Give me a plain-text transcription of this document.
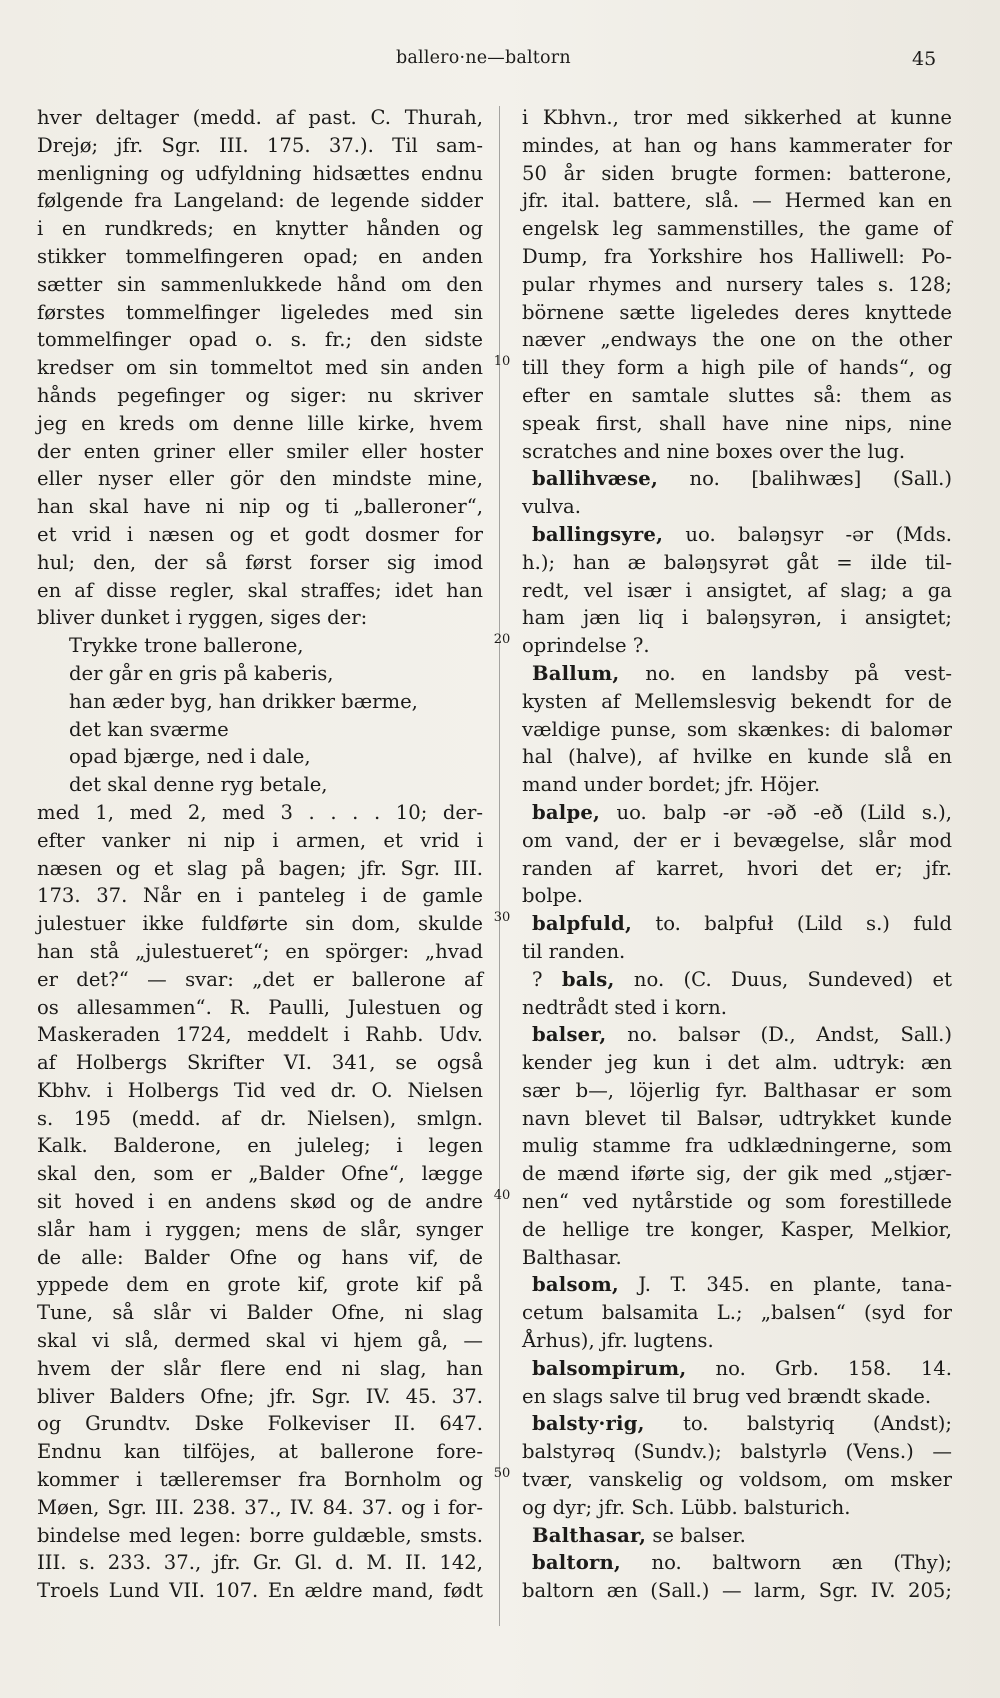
ballero·ne—baltorn	45
hver deltager (medd. af past. C. Thurah,
Drejø; jfr. Sgr. III. 175. 37.). Til sam-
menligning og udfyldning hidsættes endnu
følgende fra Langeland: de legende sidder
i en rundkreds; en knytter hånden og
stikker tommelfingeren opad; en anden
sætter sin sammenlukkede hånd om den
førstes tommelfinger ligeledes med sin
tommelfinger opad o. s. fr.; den sidste
kredser om sin tommeltot med sin anden
hånds pegefinger og siger: nu skriver
jeg en kreds om denne lille kirke, hvem
der enten griner eller smiler eller hoster
eller nyser eller gör den mindste mine,
han skal have ni nip og ti „balleroner“,
et vrid i næsen og et godt dosmer for
hul; den, der så først forser sig imod
en af disse regler, skal straffes; idet han
bliver dunket i ryggen, siges der:
Trykke trone ballerone,
der går en gris på kaberis,
han æder byg, han drikker bærme,
det kan sværme
opad bjærge, ned i dale,
det skal denne ryg betale,
med 1, med 2, med 3 . . . . 10; der-
efter vanker ni nip i armen, et vrid i
næsen og et slag på bagen; jfr. Sgr. III.
173. 37. Når en i panteleg i de gamle
julestuer ikke fuldførte sin dom, skulde
han stå „julestueret“; en spörger: „hvad
er det?“ — svar: „det er ballerone af
os allesammen“. R. Paulli, Julestuen og
Maskeraden 1724, meddelt i Rahb. Udv.
af Holbergs Skrifter VI. 341, se også
Kbhv. i Holbergs Tid ved dr. O. Nielsen
s. 195 (medd. af dr. Nielsen), smlgn.
Kalk. Balderone, en juleleg; i legen
skal den, som er „Balder Ofne“, lægge
sit hoved i en andens skød og de andre
slår ham i ryggen; mens de slår, synger
de alle: Balder Ofne og hans vif, de
yppede dem en grote kif, grote kif på
Tune, så slår vi Balder Ofne, ni slag
skal vi slå, dermed skal vi hjem gå, —
hvem der slår flere end ni slag, han
bliver Balders Ofne; jfr. Sgr. IV. 45. 37.
og Grundtv. Dske Folkeviser II. 647.
Endnu kan tilföjes, at ballerone fore-
kommer i tælleremser fra Bornholm og
Møen, Sgr. III. 238. 37., IV. 84. 37. og i for-
bindelse med legen: borre guldæble, smsts.
III. s. 233. 37., jfr. Gr. Gl. d. M. II. 142,
Troels Lund VII. 107. En ældre mand, født
10
20
30
40
50
i Kbhvn., tror med sikkerhed at kunne
mindes, at han og hans kammerater for
50 år siden brugte formen: batterone,
jfr. ital. battere, slå. — Hermed kan en
engelsk leg sammenstilles, the game of
Dump, fra Yorkshire hos Halliwell: Po-
pular rhymes and nursery tales s. 128;
börnene sætte ligeledes deres knyttede
næver „endways the one on the other
till they form a high pile of hands“, og
efter en samtale sluttes så: them as
speak first, shall have nine nips, nine
scratches and nine boxes over the lug.
ballihvæse, no. [balihwæs] (Sall.)
vulva.
ballingsyre, uo. baləŋsyr -ər (Mds.
h.); han æ baləŋsyrət gåt = ilde til-
redt, vel især i ansigtet, af slag; a ga
ham jæn liq i baləŋsyrən, i ansigtet;
oprindelse ?.
Ballum, no. en landsby på vest-
kysten af Mellemslesvig bekendt for de
vældige punse, som skænkes: di balomər
hal (halve), af hvilke en kunde slå en
mand under bordet; jfr. Höjer.
balpe, uo. balp -ər -əð -eð (Lild s.),
om vand, der er i bevægelse, slår mod
randen af karret, hvori det er; jfr.
bolpe.
balpfuld, to. balpfuł (Lild s.) fuld
til randen.
? bals, no. (C. Duus, Sundeved) et
nedtrådt sted i korn.
balser, no. balsər (D., Andst, Sall.)
kender jeg kun i det alm. udtryk: æn
sær b—, löjerlig fyr. Balthasar er som
navn blevet til Balsər, udtrykket kunde
mulig stamme fra udklædningerne, som
de mænd iførte sig, der gik med „stjær-
nen“ ved nytårstide og som forestillede
de hellige tre konger, Kasper, Melkior,
Balthasar.
balsom, J. T. 345. en plante, tana-
cetum balsamita L.; „balsen“ (syd for
Århus), jfr. lugtens.
balsompirum, no. Grb. 158. 14.
en slags salve til brug ved brændt skade.
balsty·rig, to. balstyriq (Andst);
balstyrəq (Sundv.); balstyrlə (Vens.) —
tvær, vanskelig og voldsom, om msker
og dyr; jfr. Sch. Lübb. balsturich.
Balthasar, se balser.
baltorn, no. baltworn æn (Thy);
baltorn æn (Sall.) — larm, Sgr. IV. 205;
